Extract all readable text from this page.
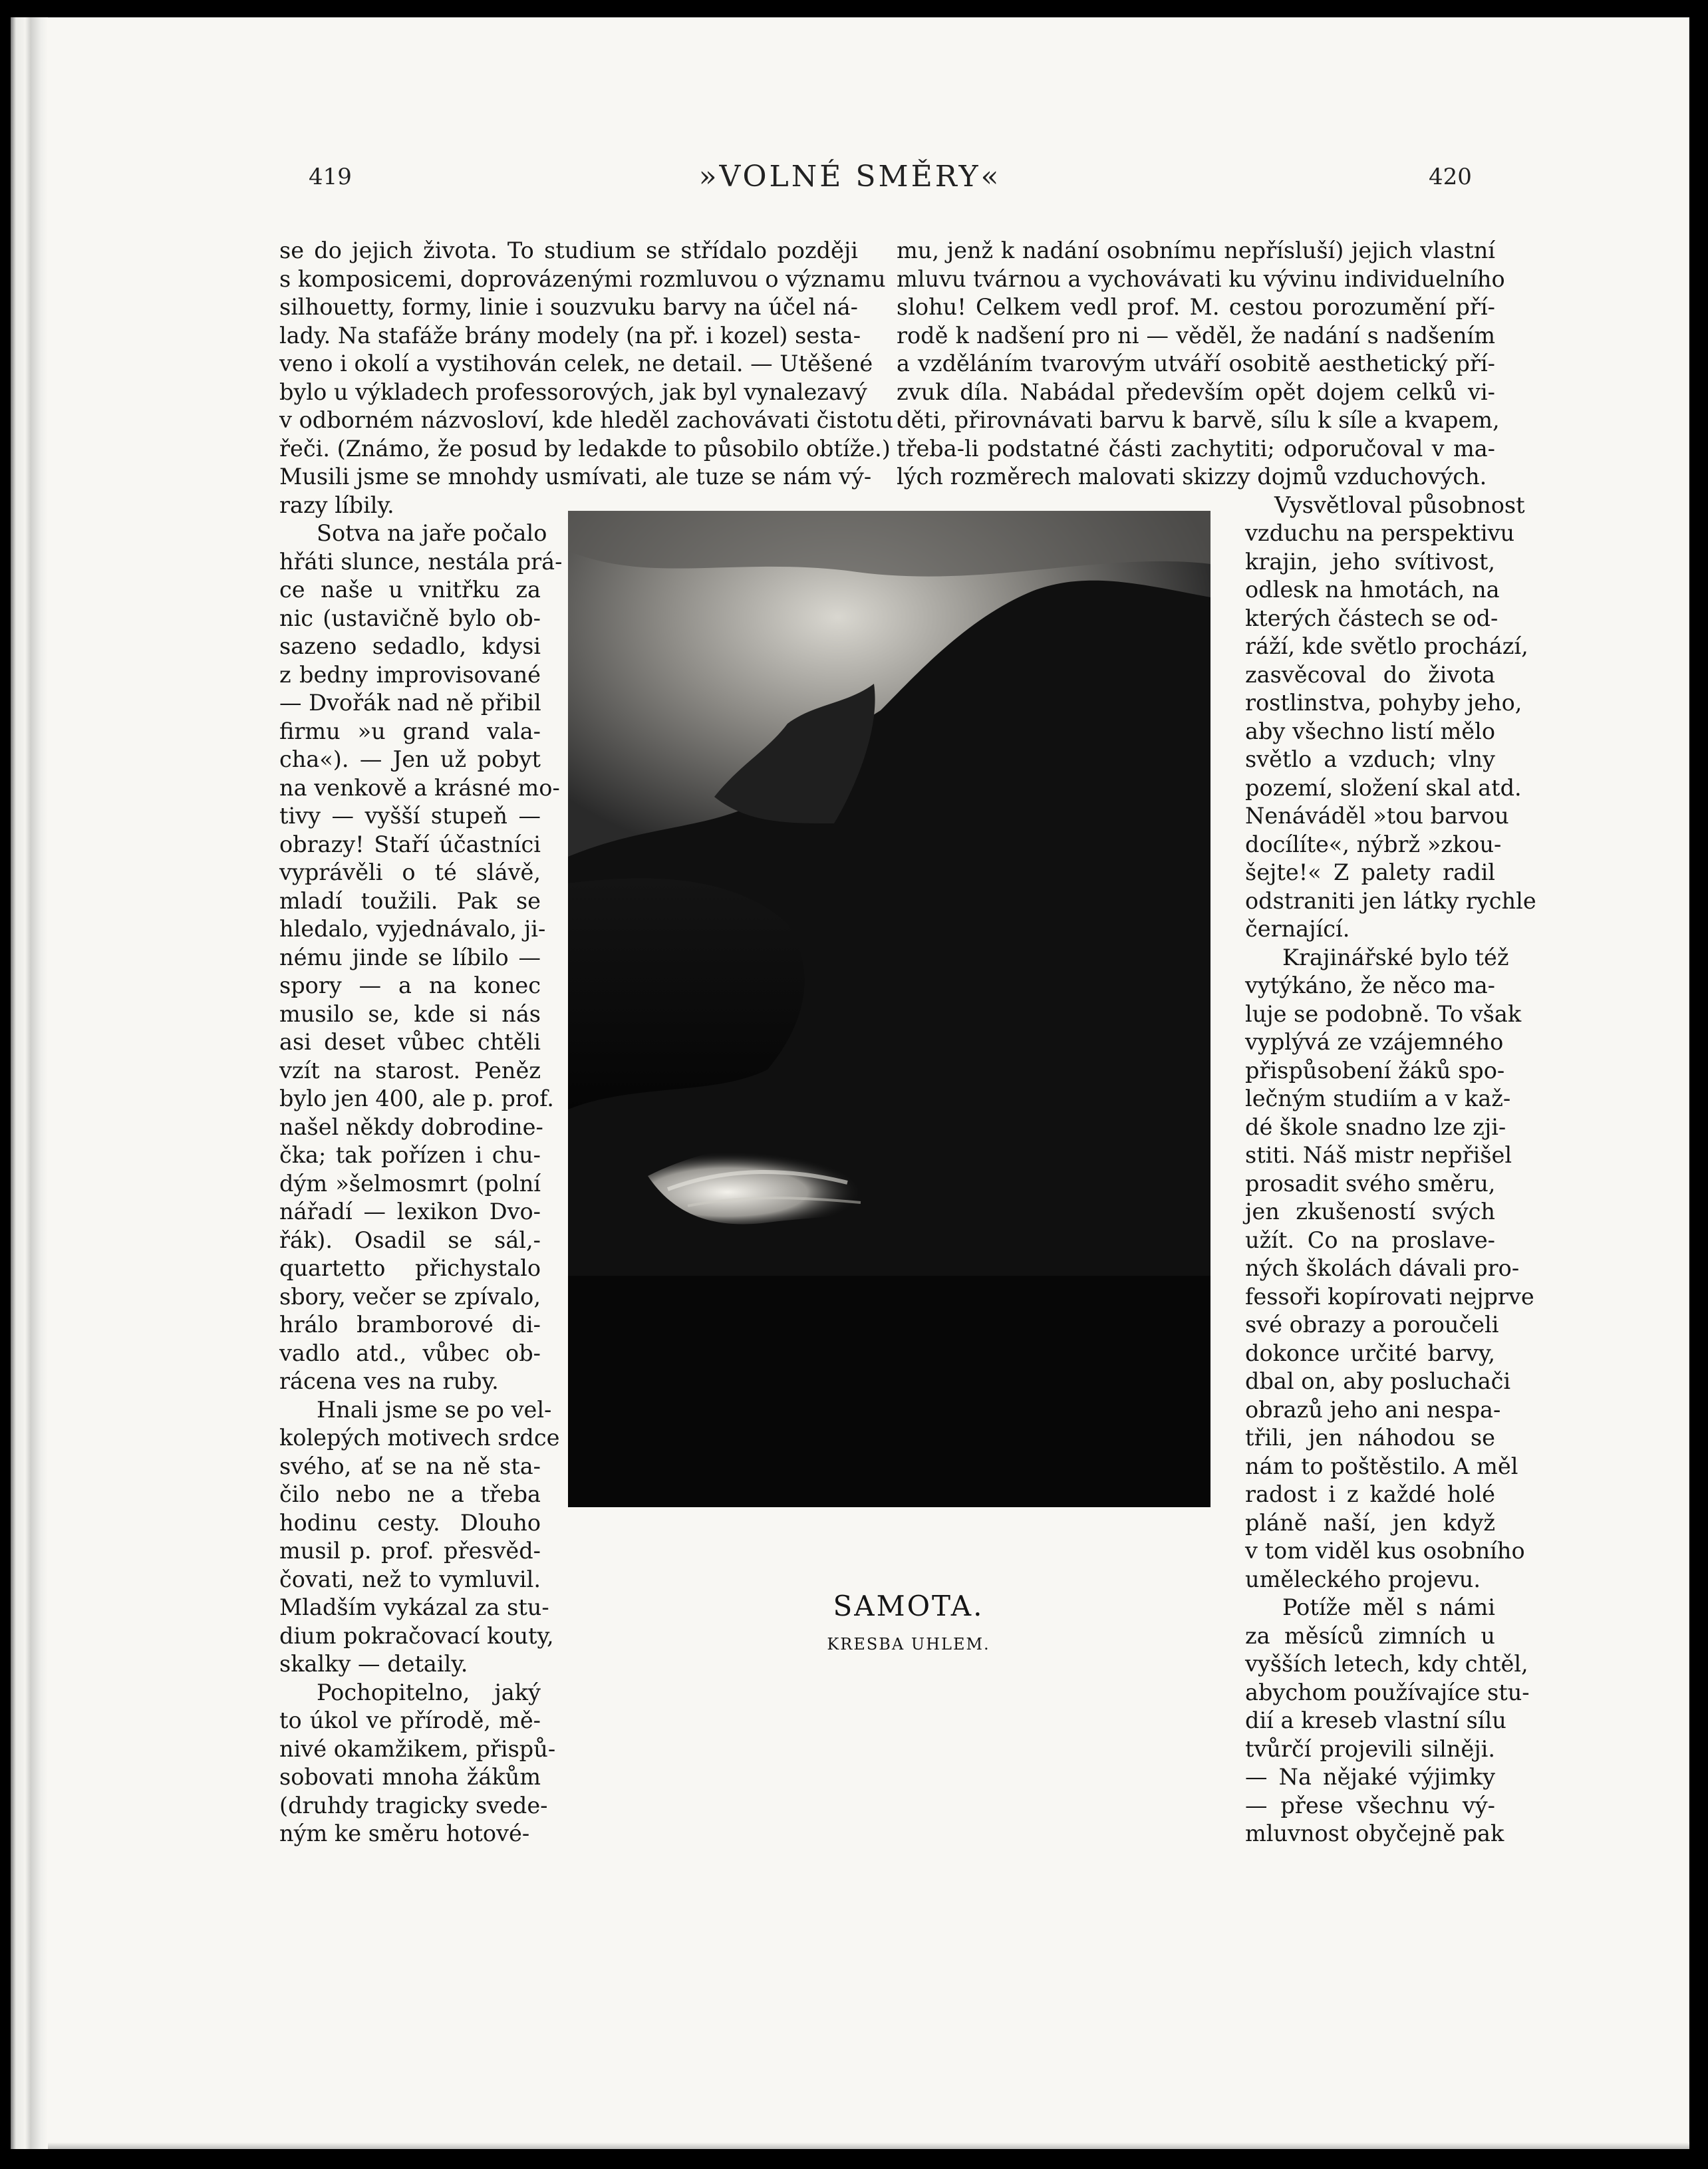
419	»VOLNÉ SMĚRY«	420
se do jejich života. To studium se střídalo později
s komposicemi, doprovázenými rozmluvou o významu
silhouetty, formy, linie i souzvuku barvy na účel ná-
lady. Na stafáže brány modely (na př. i kozel) sesta-
veno i okolí a vystihován celek, ne detail. — Utěšené
bylo u výkladech professorových, jak byl vynalezavý
v odborném názvosloví, kde hleděl zachovávati čistotu
řeči. (Známo, že posud by ledakde to působilo obtíže.)
Musili jsme se mnohdy usmívati, ale tuze se nám vý-
razy líbily.
Sotva na jaře počalo
hřáti slunce, nestála prá-
ce naše u vnitřku za
nic (ustavičně bylo ob-
sazeno sedadlo, kdysi
z bedny improvisované
— Dvořák nad ně přibil
firmu »u grand vala-
cha«). — Jen už pobyt
na venkově a krásné mo-
tivy — vyšší stupeň —
obrazy! Staří účastníci
vyprávěli o té slávě,
mladí toužili. Pak se
hledalo, vyjednávalo, ji-
nému jinde se líbilo —
spory — a na konec
musilo se, kde si nás
asi deset vůbec chtěli
vzít na starost. Peněz
bylo jen 400, ale p. prof.
našel někdy dobrodine-
čka; tak pořízen i chu-
dým »šelmosmrt (polní
nářadí — lexikon Dvo-
řák). Osadil se sál,-
quartetto přichystalo
sbory, večer se zpívalo,
hrálo bramborové di-
vadlo atd., vůbec ob-
rácena ves na ruby.
Hnali jsme se po vel-
kolepých motivech srdce
svého, ať se na ně sta-
čilo nebo ne a třeba
hodinu cesty. Dlouho
musil p. prof. přesvěd-
čovati, než to vymluvil.
Mladším vykázal za stu-
dium pokračovací kouty,
skalky — detaily.
Pochopitelno, jaký
to úkol ve přírodě, mě-
nivé okamžikem, přispů-
sobovati mnoha žákům
(druhdy tragicky svede-
ným ke směru hotové-
mu, jenž k nadání osobnímu nepřísluší) jejich vlastní
mluvu tvárnou a vychovávati ku vývinu individuelního
slohu! Celkem vedl prof. M. cestou porozumění pří-
rodě k nadšení pro ni — věděl, že nadání s nadšením
a vzděláním tvarovým utváří osobitě aesthetický pří-
zvuk díla. Nabádal především opět dojem celků vi-
děti, přirovnávati barvu k barvě, sílu k síle a kvapem,
třeba-li podstatné části zachytiti; odporučoval v ma-
lých rozměrech malovati skizzy dojmů vzduchových.
Vysvětloval působnost
vzduchu na perspektivu
krajin, jeho svítivost,
odlesk na hmotách, na
kterých částech se od-
ráží, kde světlo prochází,
zasvěcoval do života
rostlinstva, pohyby jeho,
aby všechno listí mělo
světlo a vzduch; vlny
pozemí, složení skal atd.
Nenáváděl »tou barvou
docílíte«, nýbrž »zkou-
šejte!« Z palety radil
odstraniti jen látky rychle
černající.
Krajinářské bylo též
vytýkáno, že něco ma-
luje se podobně. To však
vyplývá ze vzájemného
přispůsobení žáků spo-
lečným studiím a v kaž-
dé škole snadno lze zji-
stiti. Náš mistr nepřišel
prosadit svého směru,
jen zkušeností svých
užít. Co na proslave-
ných školách dávali pro-
fessoři kopírovati nejprve
své obrazy a poroučeli
dokonce určité barvy,
dbal on, aby posluchači
obrazů jeho ani nespa-
třili, jen náhodou se
nám to poštěstilo. A měl
radost i z každé holé
pláně naší, jen když
v tom viděl kus osobního
uměleckého projevu.
Potíže měl s námi
za měsíců zimních u
vyšších letech, kdy chtěl,
abychom používajíce stu-
dií a kreseb vlastní sílu
tvůrčí projevili silněji.
— Na nějaké výjimky
— přese všechnu vý-
mluvnost obyčejně pak
SAMOTA.
KRESBA UHLEM.
